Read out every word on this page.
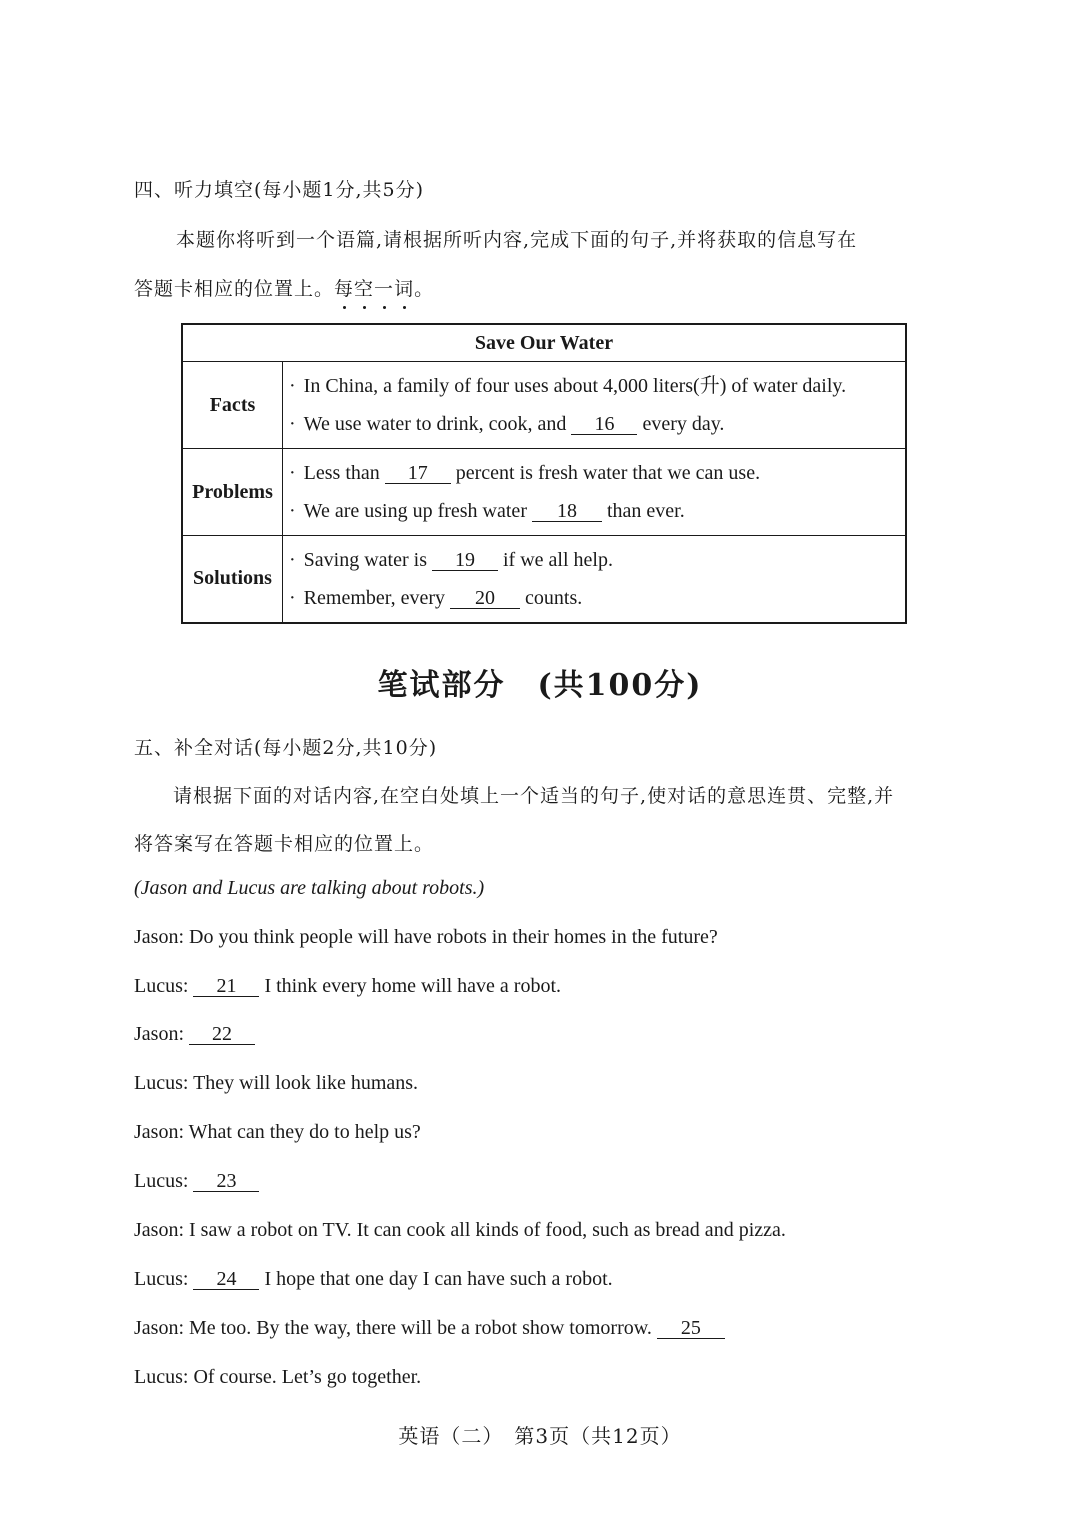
四、听力填空(每小题1分,共5分)
本题你将听到一个语篇,请根据所听内容,完成下面的句子,并将获取的信息写在
答题卡相应的位置上。每空一词。
Save Our Water	
Facts	· In China, a family of four uses about 4,000 liters(升) of water daily.
· We use water to drink, cook, and 16 every day.

Problems	· Less than 17 percent is fresh water that we can use.
· We are using up fresh water 18 than ever.

Solutions	· Saving water is 19 if we all help.
· Remember, every 20 counts.
笔试部分　(共100分)
五、补全对话(每小题2分,共10分)
请根据下面的对话内容,在空白处填上一个适当的句子,使对话的意思连贯、完整,并
将答案写在答题卡相应的位置上。
(Jason and Lucus are talking about robots.)
Jason: Do you think people will have robots in their homes in the future?
Lucus: 21 I think every home will have a robot.
Jason: 22
Lucus: They will look like humans.
Jason: What can they do to help us?
Lucus: 23
Jason: I saw a robot on TV. It can cook all kinds of food, such as bread and pizza.
Lucus: 24 I hope that one day I can have such a robot.
Jason: Me too. By the way, there will be a robot show tomorrow. 25
Lucus: Of course. Let’s go together.
英语（二）　第3页（共12页）
